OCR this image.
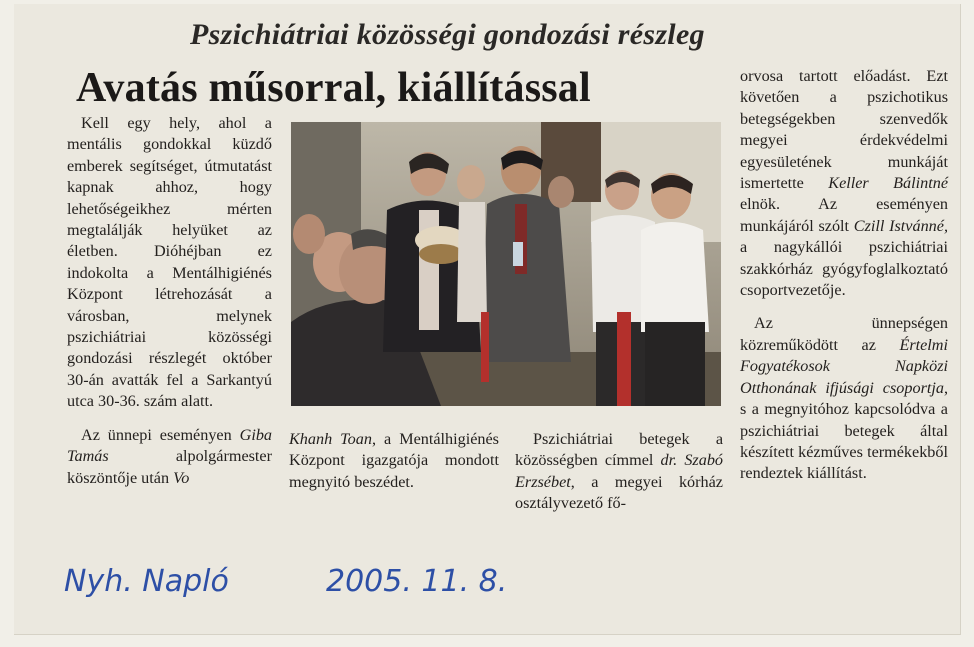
Pszichiátriai közösségi gondozási részleg
Avatás műsorral, kiállítással

Kell egy hely, ahol a mentális gondokkal küzdő emberek segítséget, útmutatást kapnak ahhoz, hogy lehetőségeikhez mérten megtalálják helyüket az életben. Dióhéjban ez indokolta a Mentálhigiénés Központ létrehozását a városban, melynek pszichiátriai közösségi gondozási részlegét október 30-án avatták fel a Sarkantyú utca 30-36. szám alatt.

Az ünnepi eseményen Giba Tamás alpolgármester köszöntője után Vo

Khanh Toan, a Mentálhigiénés Központ igazgatója mondott megnyitó beszédet.

Pszichiátriai betegek a közösségben címmel dr. Szabó Erzsébet, a megyei kórház osztályvezető fő-

orvosa tartott előadást. Ezt követően a pszichotikus betegségekben szenvedők megyei érdekvédelmi egyesületének munkáját ismertette Keller Bálintné elnök. Az eseményen munkájáról szólt Czill Istvánné, a nagykállói pszichiátriai szakkórház gyógyfoglalkoztató csoportvezetője.

Az ünnepségen közreműködött az Értelmi Fogyatékosok Napközi Otthonának ifjúsági csoportja, s a megnyitóhoz kapcsolódva a pszichiátriai betegek által készített kézműves termékekből rendeztek kiállítást.

Nyh. Napló	2005. 11. 8.
